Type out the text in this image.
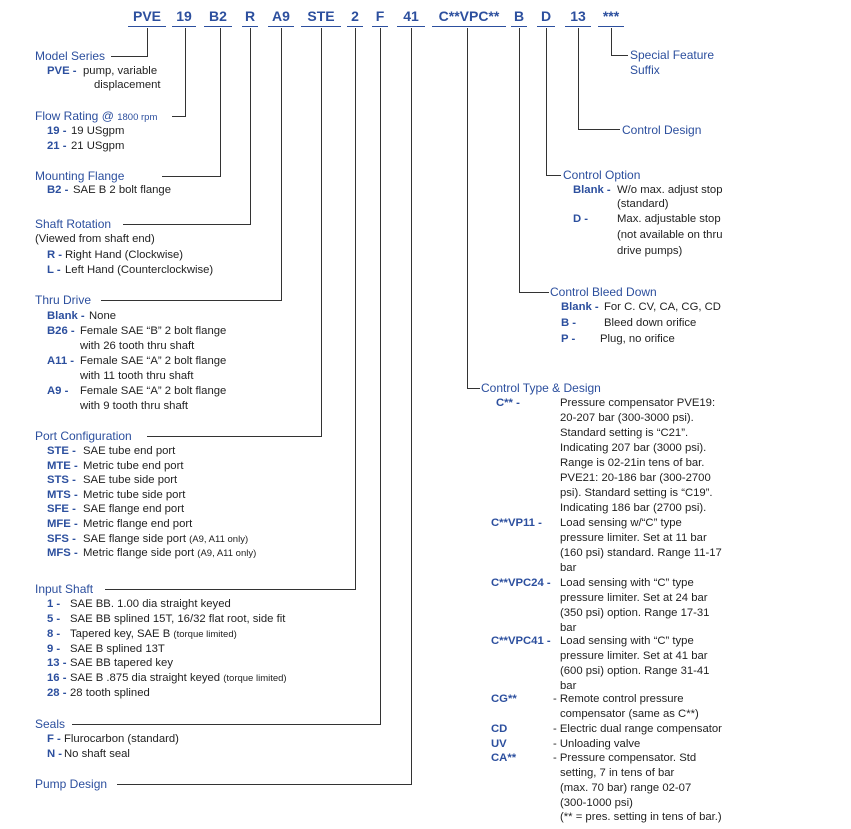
PVE	19	B2	R A9	STE	2 F	41	C**VPC**	B D	13	***
Model Series
PVE - pump, variable
displacement
Flow Rating @ 1800 rpm
19 - 19 USgpm
21 - 21 USgpm
Mounting Flange
B2 - SAE B 2 bolt flange
Shaft Rotation
(Viewed from shaft end)
R - Right Hand (Clockwise)
L - Left Hand (Counterclockwise)
Thru Drive
Blank - None
B26 - Female SAE “B” 2 bolt flange
with 26 tooth thru shaft
A11 - Female SAE “A” 2 bolt flange
with 11 tooth thru shaft
A9 - Female SAE “A” 2 bolt flange
with 9 tooth thru shaft
Port Configuration
STE - SAE tube end port
MTE - Metric tube end port
STS - SAE tube side port
MTS - Metric tube side port
SFE - SAE flange end port
MFE - Metric flange end port
SFS - SAE flange side port (A9, A11 only)
MFS - Metric flange side port (A9, A11 only)
Input Shaft
1 - SAE BB. 1.00 dia straight keyed
5 - SAE BB splined 15T, 16/32 flat root, side fit
8 - Tapered key, SAE B (torque limited)
9 - SAE B splined 13T
13 - SAE BB tapered key
16 - SAE B .875 dia straight keyed (torque limited)
28 - 28 tooth splined
Seals
F - Flurocarbon (standard)
N - No shaft seal
Pump Design
Special Feature
Suffix
Control Design
Control Option
Blank - W/o max. adjust stop
(standard)
D -	Max. adjustable stop
(not available on thru
drive pumps)
Control Bleed Down
Blank - For C. CV, CA, CG, CD
B - Bleed down orifice
P - Plug, no orifice
Control Type & Design
C** -	Pressure compensator PVE19:
20-207 bar (300-3000 psi).
Standard setting is “C21”.
Indicating 207 bar (3000 psi).
Range is 02-21in tens of bar.
PVE21: 20-186 bar (300-2700
psi). Standard setting is “C19”.
Indicating 186 bar (2700 psi).
C**VP11 - Load sensing w/“C” type
pressure limiter. Set at 11 bar
(160 psi) standard. Range 11-17
bar
C**VPC24 - Load sensing with “C” type
pressure limiter. Set at 24 bar
(350 psi) option. Range 17-31
bar
C**VPC41 - Load sensing with “C” type
pressure limiter. Set at 41 bar
(600 psi) option. Range 31-41
bar
CG**	- Remote control pressure
compensator (same as C**)
CD	- Electric dual range compensator
UV	- Unloading valve
CA**	- Pressure compensator. Std
setting, 7 in tens of bar
(max. 70 bar) range 02-07
(300-1000 psi)
(** = pres. setting in tens of bar.)
